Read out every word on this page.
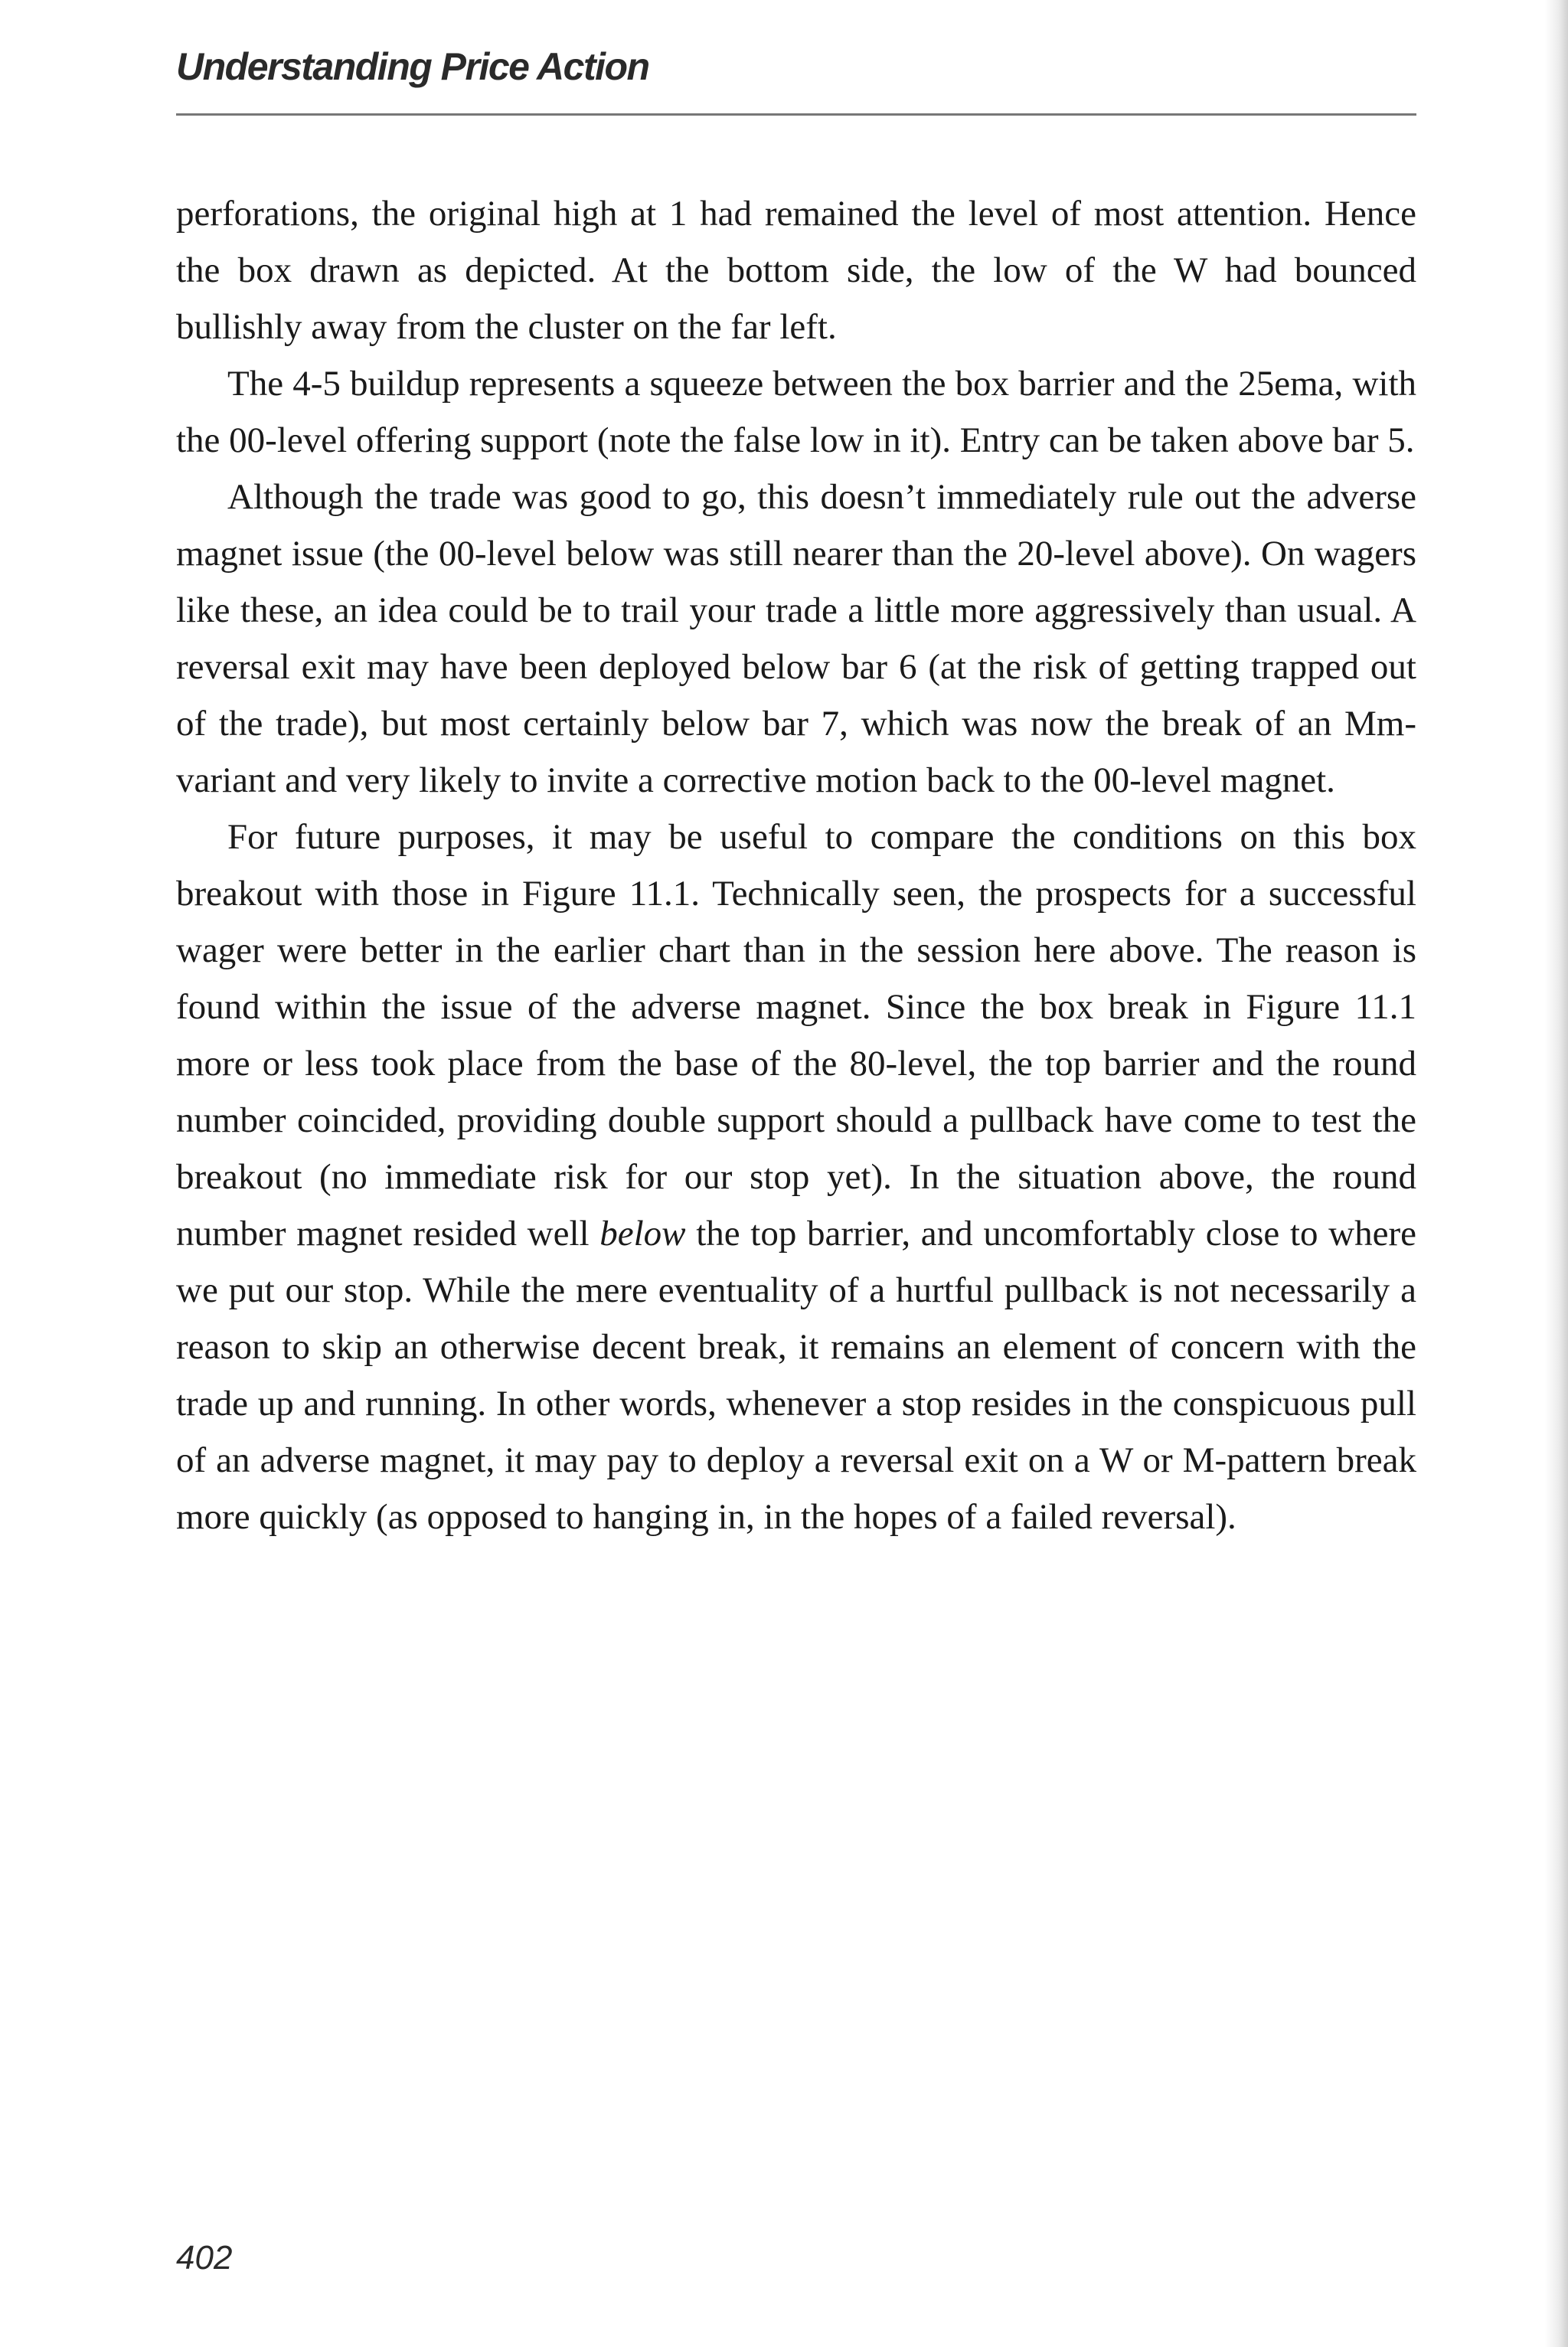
Understanding Price Action

perforations, the original high at 1 had remained the level of most attention. Hence the box drawn as depicted. At the bottom side, the low of the W had bounced bullishly away from the cluster on the far left.

The 4-5 buildup represents a squeeze between the box barrier and the 25ema, with the 00-level offering support (note the false low in it). Entry can be taken above bar 5.

Although the trade was good to go, this doesn’t immediately rule out the adverse magnet issue (the 00-level below was still nearer than the 20-level above). On wagers like these, an idea could be to trail your trade a little more aggressively than usual. A reversal exit may have been deployed below bar 6 (at the risk of getting trapped out of the trade), but most certainly below bar 7, which was now the break of an Mm-variant and very likely to invite a corrective motion back to the 00-level magnet.

For future purposes, it may be useful to compare the conditions on this box breakout with those in Figure 11.1. Technically seen, the prospects for a successful wager were better in the earlier chart than in the session here above. The reason is found within the issue of the adverse magnet. Since the box break in Figure 11.1 more or less took place from the base of the 80-level, the top barrier and the round number coincided, providing double support should a pullback have come to test the breakout (no immediate risk for our stop yet). In the situation above, the round number magnet resided well below the top barrier, and uncomfortably close to where we put our stop. While the mere eventuality of a hurtful pullback is not necessarily a reason to skip an otherwise decent break, it remains an element of concern with the trade up and running. In other words, whenever a stop resides in the conspicuous pull of an adverse magnet, it may pay to deploy a reversal exit on a W or M-pattern break more quickly (as opposed to hanging in, in the hopes of a failed reversal).

402
